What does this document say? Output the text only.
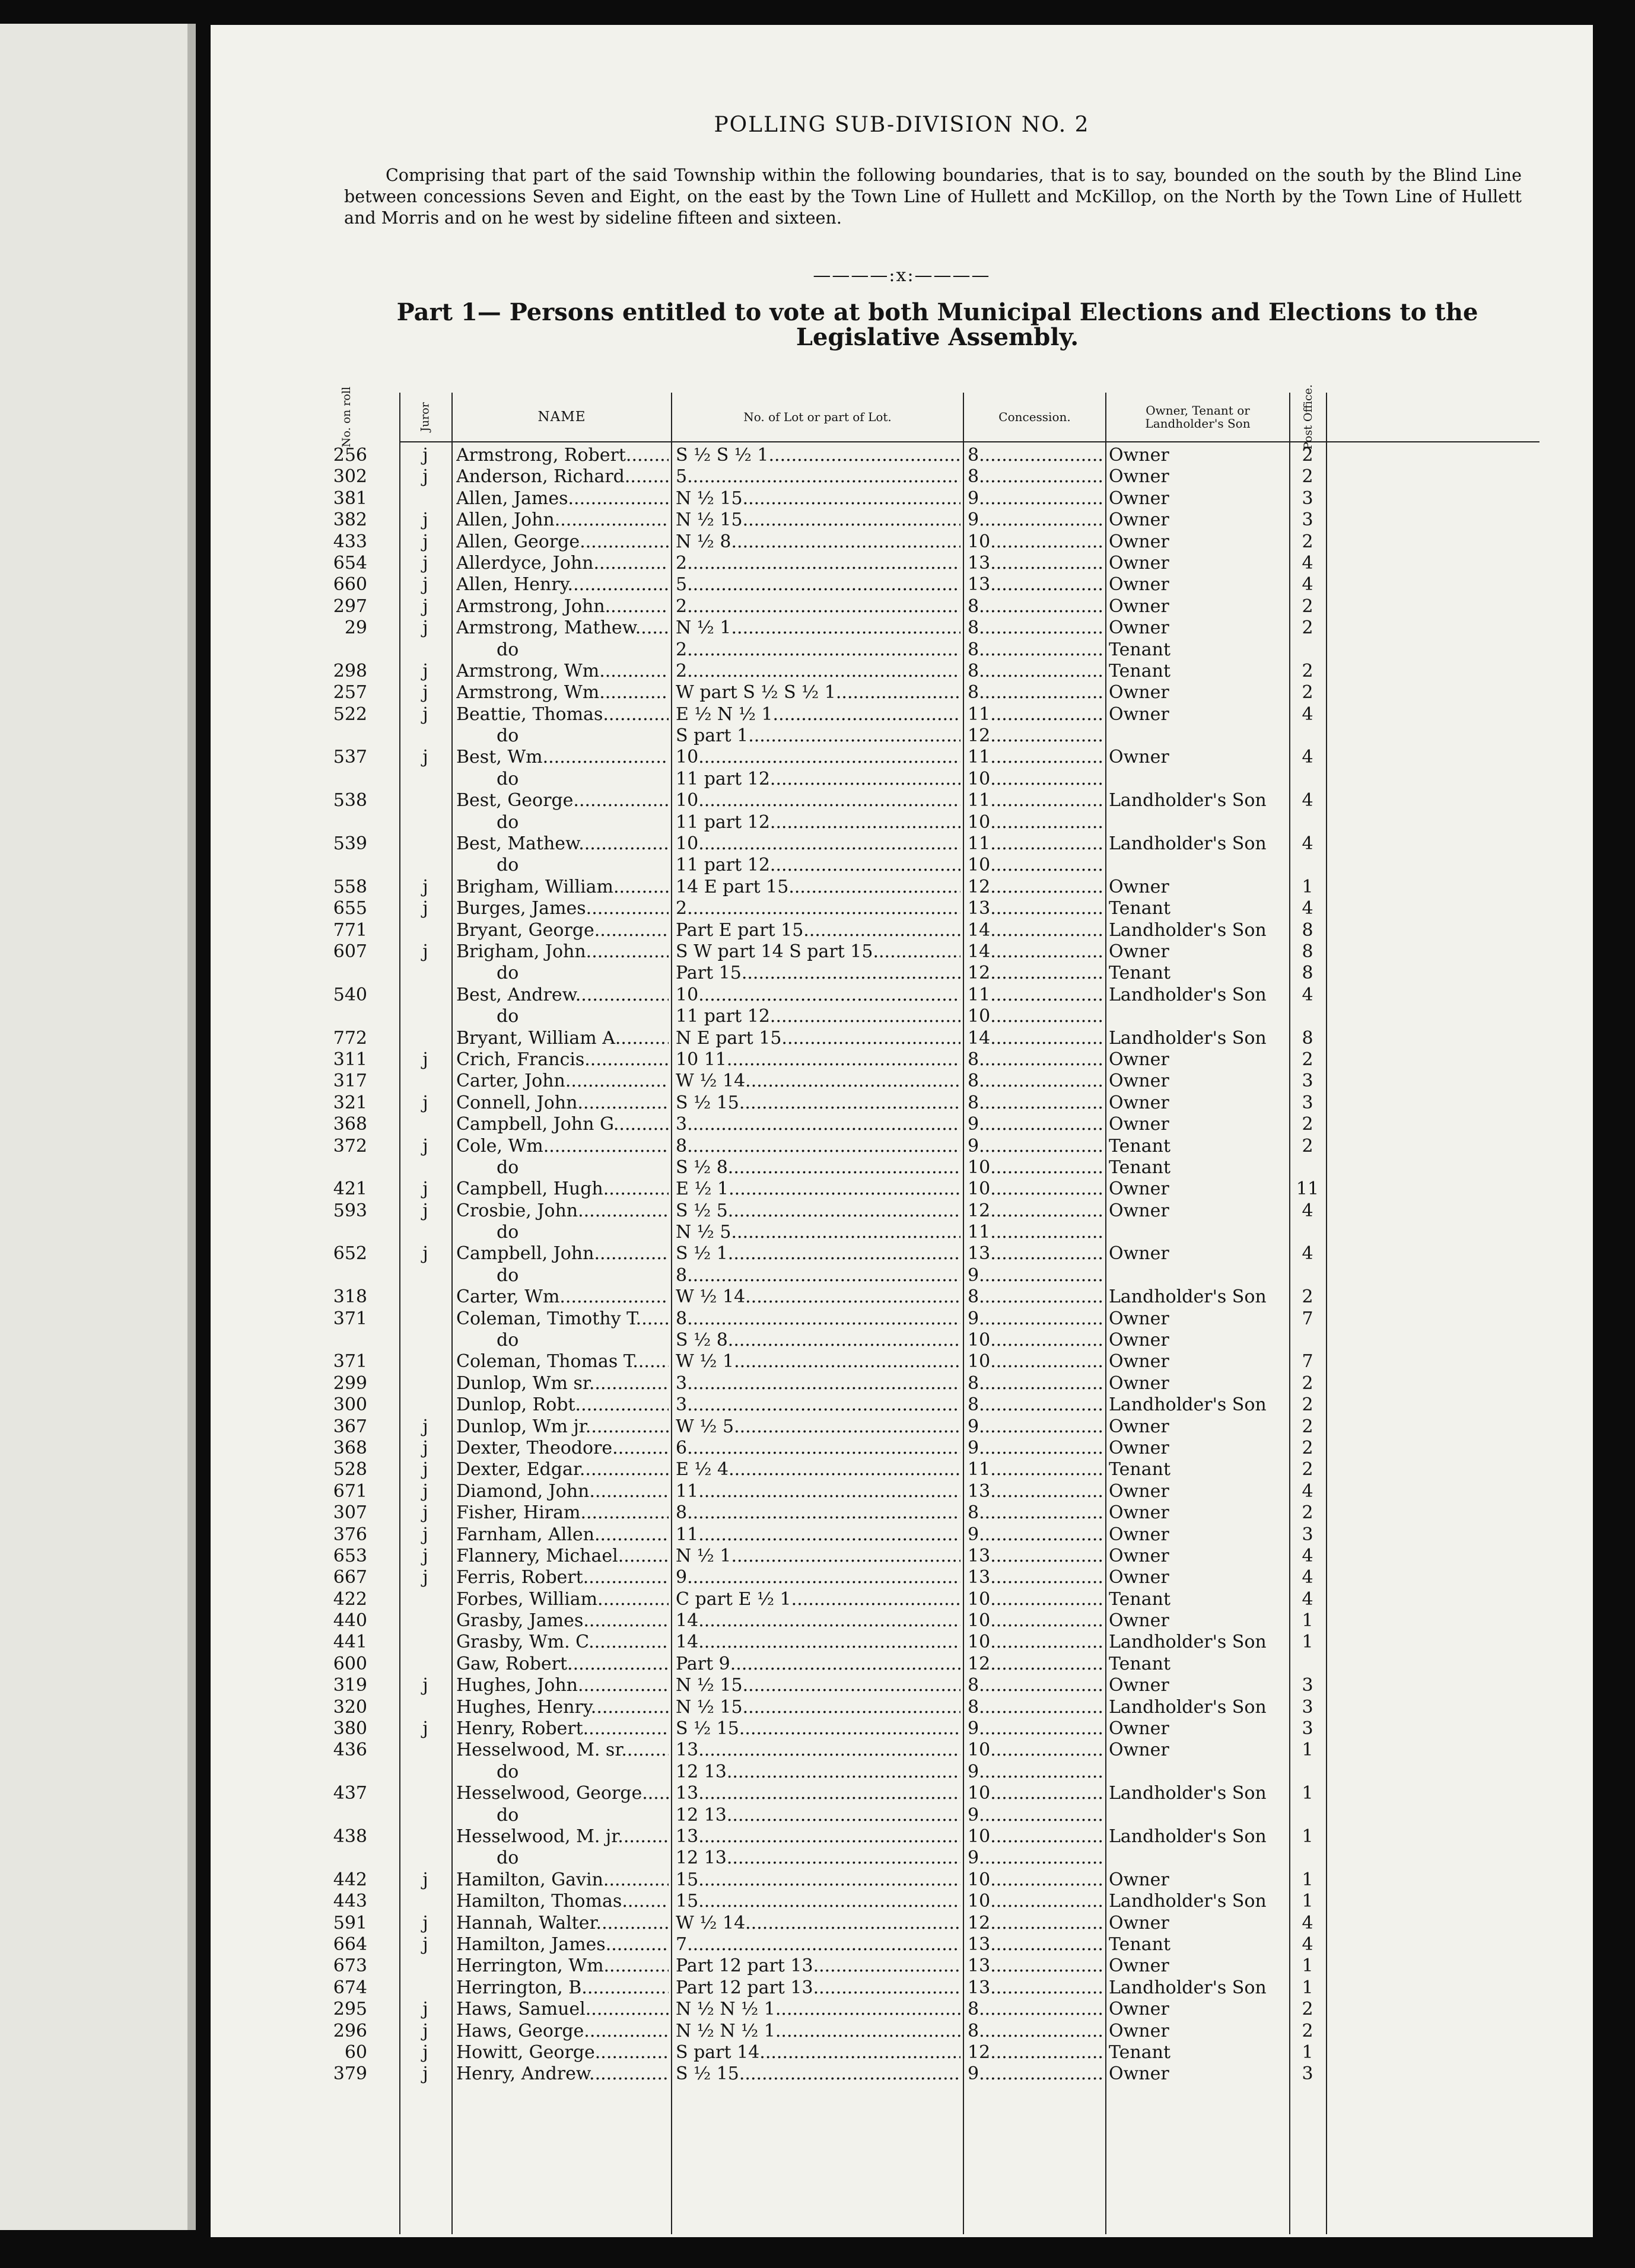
POLLING SUB-DIVISION NO. 2
Comprising that part of the said Township within the following boundaries, that is to say, bounded on the south by the Blind Line between concessions Seven and Eight, on the east by the Town Line of Hullett and McKillop, on the North by the Town Line of Hullett and Morris and on he west by sideline fifteen and sixteen.
————:x:————
Part 1— Persons entitled to vote at both Municipal Elections and Elections to the Legislative Assembly.
No. on roll	Juror	NAME	No. of Lot or part of Lot.	Concession.	Owner, Tenant or Landholder's Son	Post Office.
256	j	Armstrong, Robert .....	S ½ S ½ 1 .....	8 .....	Owner	2
302	j	Anderson, Richard. .....	5 .....	8 .....	Owner	2
381	Allen, James .....	N ½ 15 .....	9 .....	Owner	3
382	j	Allen, John .....	N ½ 15 .....	9 .....	Owner	3
433	j	Allen, George .....	N ½ 8 .....	10 .....	Owner	2
654	j	Allerdyce, John .....	2 .....	13 .....	Owner	4
660	j	Allen, Henry .....	5 .....	13 .....	Owner	4
297	j	Armstrong, John .....	2 .....	8 .....	Owner	2
29	j	Armstrong, Mathew .....	N ½ 1 .....	8 .....	Owner	2
do	2 .....	8 .....	Tenant
298	j	Armstrong, Wm .....	2 .....	8 .....	Tenant	2
257	j	Armstrong, Wm .....	W part S ½ S ½ 1 .....	8 .....	Owner	2
522	j	Beattie, Thomas .....	E ½ N ½ 1 .....	11 .....	Owner	4
do	S part 1 .....	12 .....
537	j	Best, Wm .....	10 .....	11 .....	Owner	4
do	11 part 12 .....	10 .....
538	Best, George .....	10 .....	11 .....	Landholder's Son	4
do	11 part 12 .....	10 .....
539	Best, Mathew .....	10 .....	11 .....	Landholder's Son	4
do	11 part 12 .....	10 .....
558	j	Brigham, William .....	14 E part 15 .....	12 .....	Owner	1
655	j	Burges, James .....	2 .....	13 .....	Tenant	4
771	Bryant, George .....	Part E part 15 .....	14 .....	Landholder's Son	8
607	j	Brigham, John .....	S W part 14 S part 15 .....	14 .....	Owner	8
do	Part 15 .....	12 .....	Tenant	8
540	Best, Andrew .....	10 .....	11 .....	Landholder's Son	4
do	11 part 12 .....	10 .....
772	Bryant, William A .....	N E part 15 .....	14 .....	Landholder's Son	8
311	j	Crich, Francis .....	10 11 .....	8 .....	Owner	2
317	Carter, John .....	W ½ 14 .....	8 .....	Owner	3
321	j	Connell, John .....	S ½ 15 .....	8 .....	Owner	3
368	Campbell, John G .....	3 .....	9 .....	Owner	2
372	j	Cole, Wm .....	8 .....	9 .....	Tenant	2
do	S ½ 8 .....	10 .....	Tenant
421	j	Campbell, Hugh .....	E ½ 1 .....	10 .....	Owner	11
593	j	Crosbie, John .....	S ½ 5 .....	12 .....	Owner	4
do	N ½ 5 .....	11 .....
652	j	Campbell, John .....	S ½ 1 .....	13 .....	Owner	4
do	8 .....	9 .....
318	Carter, Wm .....	W ½ 14 .....	8 .....	Landholder's Son	2
371	Coleman, Timothy T .....	8 .....	9 .....	Owner	7
do	S ½ 8 .....	10 .....	Owner
371	Coleman, Thomas T. .....	W ½ 1 .....	10 .....	Owner	7
299	Dunlop, Wm sr .....	3 .....	8 .....	Owner	2
300	Dunlop, Robt .....	3 .....	8 .....	Landholder's Son	2
367	j	Dunlop, Wm jr .....	W ½ 5 .....	9 .....	Owner	2
368	j	Dexter, Theodore .....	6 .....	9 .....	Owner	2
528	j	Dexter, Edgar .....	E ½ 4 .....	11 .....	Tenant	2
671	j	Diamond, John .....	11 .....	13 .....	Owner	4
307	j	Fisher, Hiram .....	8 .....	8 .....	Owner	2
376	j	Farnham, Allen .....	11 .....	9 .....	Owner	3
653	j	Flannery, Michael .....	N ½ 1 .....	13 .....	Owner	4
667	j	Ferris, Robert .....	9 .....	13 .....	Owner	4
422	Forbes, William .....	C part E ½ 1 .....	10 .....	Tenant	4
440	Grasby, James .....	14 .....	10 .....	Owner	1
441	Grasby, Wm. C .....	14 .....	10 .....	Landholder's Son	1
600	Gaw, Robert .....	Part 9 .....	12 .....	Tenant
319	j	Hughes, John .....	N ½ 15 .....	8 .....	Owner	3
320	Hughes, Henry .....	N ½ 15 .....	8 .....	Landholder's Son	3
380	j	Henry, Robert .....	S ½ 15 .....	9 .....	Owner	3
436	Hesselwood, M. sr .....	13 .....	10 .....	Owner	1
do	12 13 .....	9 .....
437	Hesselwood, George .....	13 .....	10 .....	Landholder's Son	1
do	12 13 .....	9 .....
438	Hesselwood, M. jr .....	13 .....	10 .....	Landholder's Son	1
do	12 13 .....	9 .....
442	j	Hamilton, Gavin .....	15 .....	10 .....	Owner	1
443	Hamilton, Thomas .....	15 .....	10 .....	Landholder's Son	1
591	j	Hannah, Walter .....	W ½ 14 .....	12 .....	Owner	4
664	j	Hamilton, James .....	7 .....	13 .....	Tenant	4
673	Herrington, Wm .....	Part 12 part 13 .....	13 .....	Owner	1
674	Herrington, B .....	Part 12 part 13 .....	13 .....	Landholder's Son	1
295	j	Haws, Samuel .....	N ½ N ½ 1 .....	8 .....	Owner	2
296	j	Haws, George .....	N ½ N ½ 1 .....	8 .....	Owner	2
60	j	Howitt, George .....	S part 14 .....	12 .....	Tenant	1
379	j	Henry, Andrew .....	S ½ 15 .....	9 .....	Owner	3
